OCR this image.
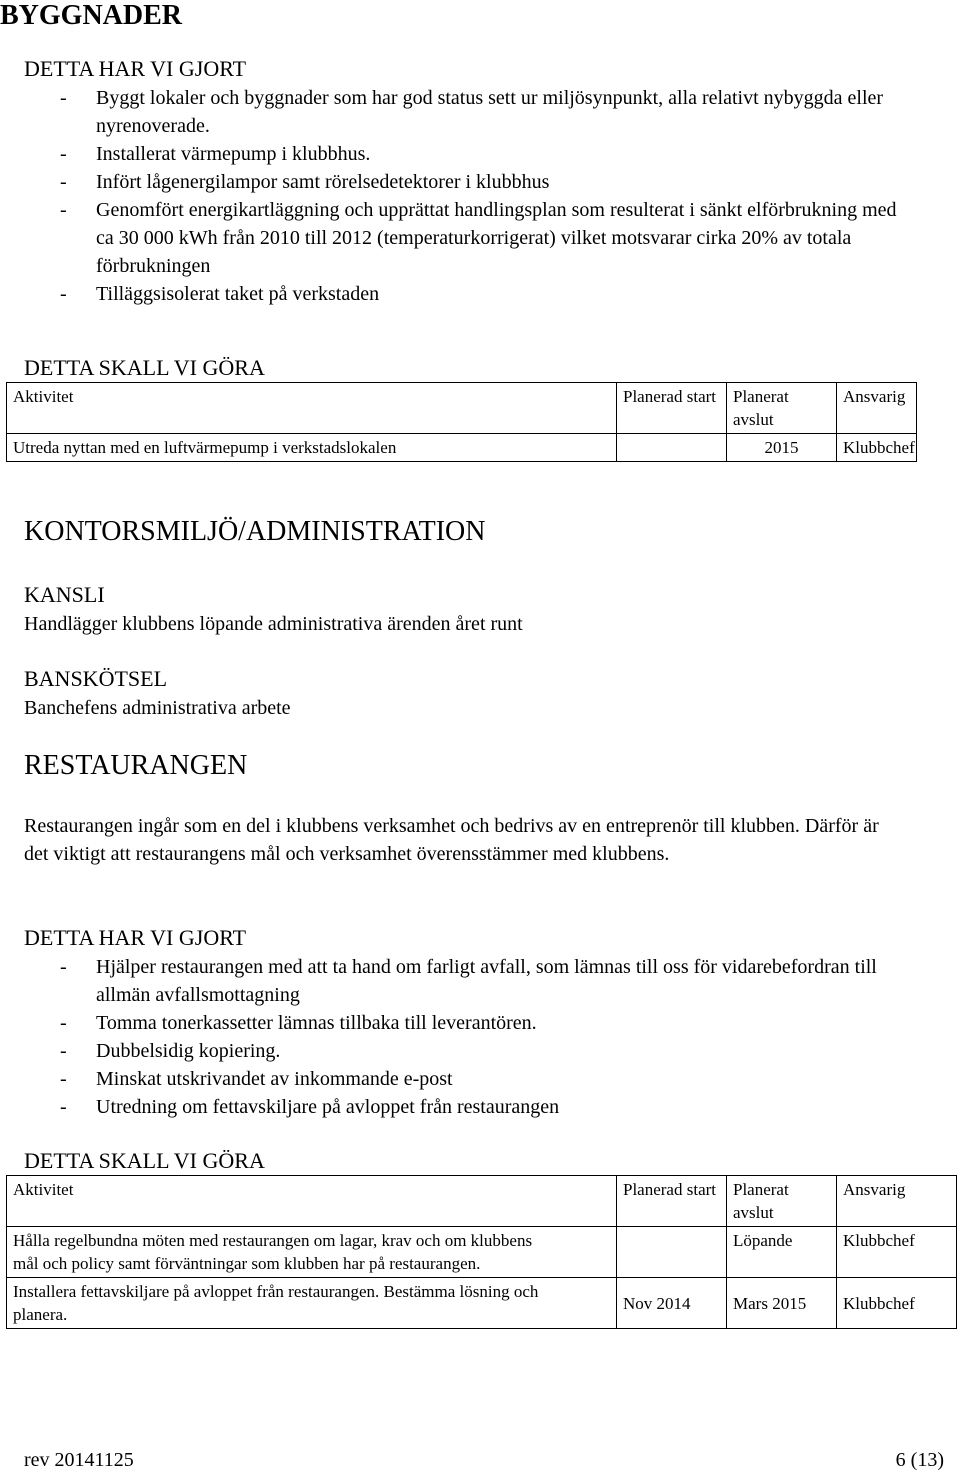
BYGGNADER
DETTA HAR VI GJORT
- Byggt lokaler och byggnader som har god status sett ur miljösynpunkt, alla relativt nybyggda eller nyrenoverade.
- Installerat värmepump i klubbhus.
- Infört lågenergilampor samt rörelsedetektorer i klubbhus
- Genomfört energikartläggning och upprättat handlingsplan som resulterat i sänkt elförbrukning med ca 30 000 kWh från 2010 till 2012 (temperaturkorrigerat) vilket motsvarar cirka 20% av totala förbrukningen
- Tilläggsisolerat taket på verkstaden
DETTA SKALL VI GÖRA
Aktivitet	Planerad start	Planerat avslut	Ansvarig
Utreda nyttan med en luftvärmepump i verkstadslokalen		2015	Klubbchef
KONTORSMILJÖ/ADMINISTRATION
KANSLI
Handlägger klubbens löpande administrativa ärenden året runt
BANSKÖTSEL
Banchefens administrativa arbete
RESTAURANGEN
Restaurangen ingår som en del i klubbens verksamhet och bedrivs av en entreprenör till klubben. Därför är det viktigt att restaurangens mål och verksamhet överensstämmer med klubbens.
DETTA HAR VI GJORT
- Hjälper restaurangen med att ta hand om farligt avfall, som lämnas till oss för vidarebefordran till allmän avfallsmottagning
- Tomma tonerkassetter lämnas tillbaka till leverantören.
- Dubbelsidig kopiering.
- Minskat utskrivandet av inkommande e-post
- Utredning om fettavskiljare på avloppet från restaurangen
DETTA SKALL VI GÖRA
Aktivitet	Planerad start	Planerat avslut	Ansvarig
Hålla regelbundna möten med restaurangen om lagar, krav och om klubbens mål och policy samt förväntningar som klubben har på restaurangen.		Löpande	Klubbchef
Installera fettavskiljare på avloppet från restaurangen. Bestämma lösning och planera.	Nov 2014	Mars 2015	Klubbchef
rev 20141125	6 (13)
